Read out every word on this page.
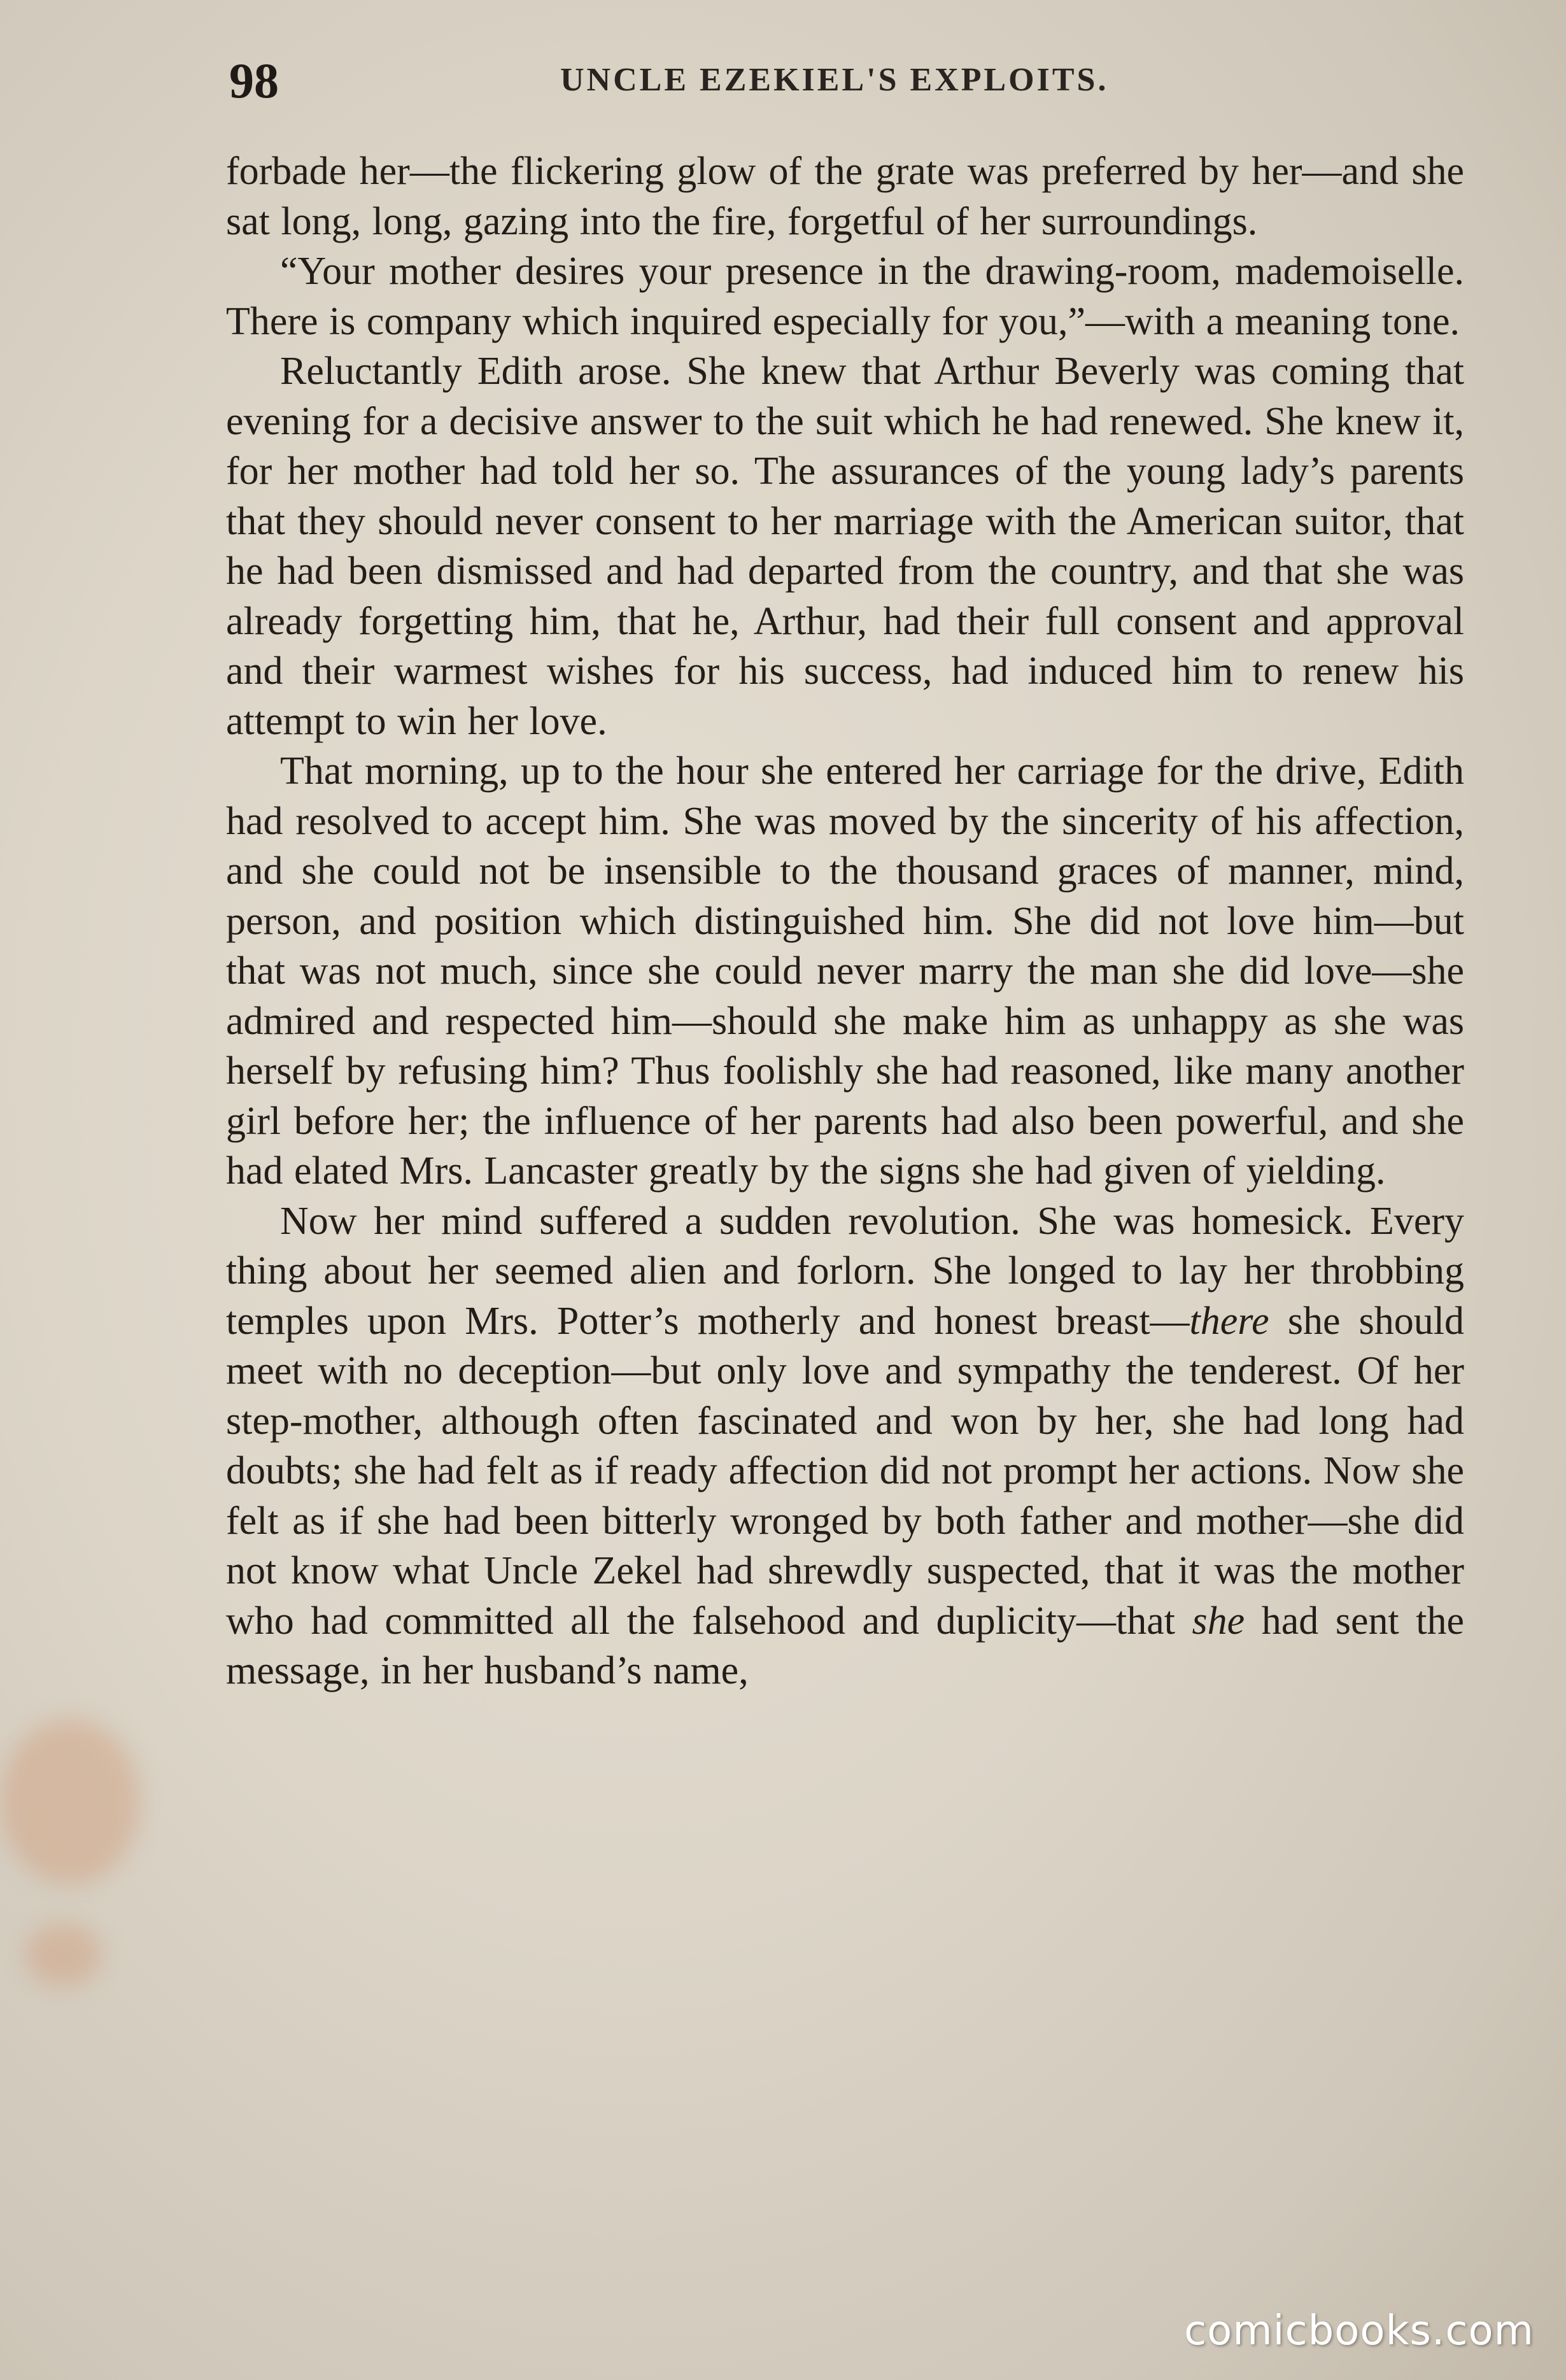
98	UNCLE EZEKIEL'S EXPLOITS.

forbade her—the flickering glow of the grate was preferred by her—and she sat long, long, gazing into the fire, forgetful of her surroundings.

“Your mother desires your presence in the drawing-room, mademoiselle. There is company which inquired especially for you,”—with a meaning tone.

Reluctantly Edith arose. She knew that Arthur Beverly was coming that evening for a decisive answer to the suit which he had renewed. She knew it, for her mother had told her so. The assurances of the young lady’s parents that they should never consent to her marriage with the American suitor, that he had been dismissed and had departed from the country, and that she was already forgetting him, that he, Arthur, had their full consent and approval and their warmest wishes for his success, had induced him to renew his attempt to win her love.

That morning, up to the hour she entered her carriage for the drive, Edith had resolved to accept him. She was moved by the sincerity of his affection, and she could not be insensible to the thousand graces of manner, mind, person, and position which distinguished him. She did not love him—but that was not much, since she could never marry the man she did love—she admired and respected him—should she make him as unhappy as she was herself by refusing him? Thus foolishly she had reasoned, like many another girl before her; the influence of her parents had also been powerful, and she had elated Mrs. Lancaster greatly by the signs she had given of yielding.

Now her mind suffered a sudden revolution. She was homesick. Every thing about her seemed alien and forlorn. She longed to lay her throbbing temples upon Mrs. Potter’s motherly and honest breast—there she should meet with no deception—but only love and sympathy the tenderest. Of her step-mother, although often fascinated and won by her, she had long had doubts; she had felt as if ready affection did not prompt her actions. Now she felt as if she had been bitterly wronged by both father and mother—she did not know what Uncle Zekel had shrewdly suspected, that it was the mother who had committed all the falsehood and duplicity—that she had sent the message, in her husband’s name,

comicbooks.com
